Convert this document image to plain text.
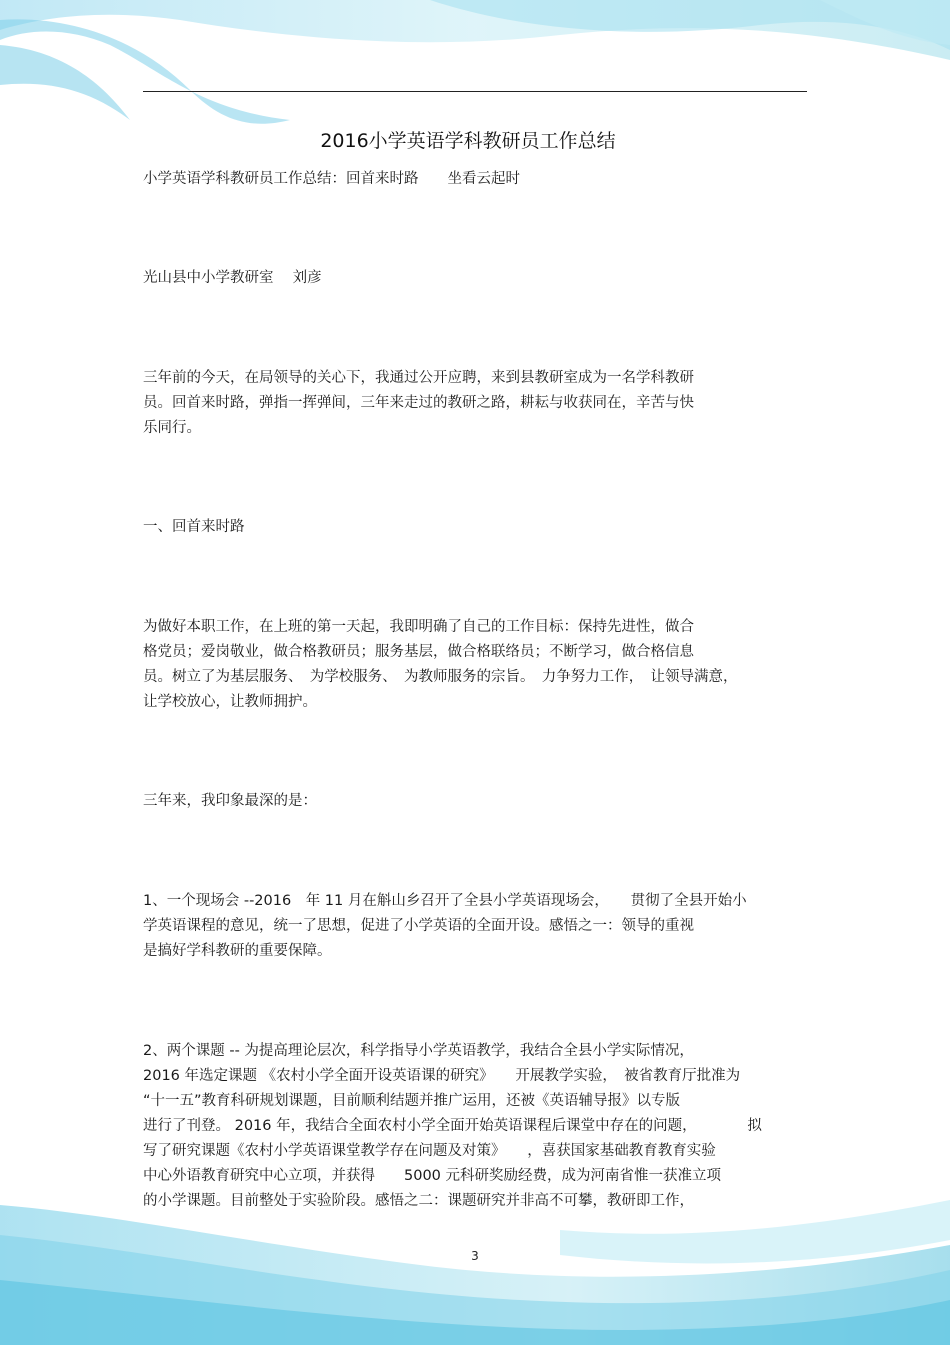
2016小学英语学科教研员工作总结
小学英语学科教研员工作总结：回首来时路　　坐看云起时
光山县中小学教研室　 刘彦
三年前的今天，在局领导的关心下，我通过公开应聘，来到县教研室成为一名学科教研
员。回首来时路，弹指一挥弹间，三年来走过的教研之路，耕耘与收获同在，辛苦与快
乐同行。
一、回首来时路
为做好本职工作，在上班的第一天起，我即明确了自己的工作目标：保持先进性，做合
格党员；爱岗敬业，做合格教研员；服务基层，做合格联络员；不断学习，做合格信息
员。树立了为基层服务、　为学校服务、　为教师服务的宗旨。　力争努力工作，　让领导满意，
让学校放心，让教师拥护。
三年来，我印象最深的是：
1、一个现场会 --2016　年 11 月在斛山乡召开了全县小学英语现场会，　　贯彻了全县开始小
学英语课程的意见，统一了思想，促进了小学英语的全面开设。感悟之一：领导的重视
是搞好学科教研的重要保障。
2、两个课题 -- 为提高理论层次，科学指导小学英语教学，我结合全县小学实际情况，
2016 年选定课题 《农村小学全面开设英语课的研究》　　开展教学实验，　被省教育厅批准为
“十一五”教育科研规划课题，目前顺利结题并推广运用，还被《英语辅导报》以专版
进行了刊登。 2016 年，我结合全面农村小学全面开始英语课程后课堂中存在的问题，　　　　拟
写了研究课题《农村小学英语课堂教学存在问题及对策》　　，喜获国家基础教育教育实验
中心外语教育研究中心立项，并获得　　5000 元科研奖励经费，成为河南省惟一获准立项
的小学课题。目前整处于实验阶段。感悟之二：课题研究并非高不可攀，教研即工作，
3
